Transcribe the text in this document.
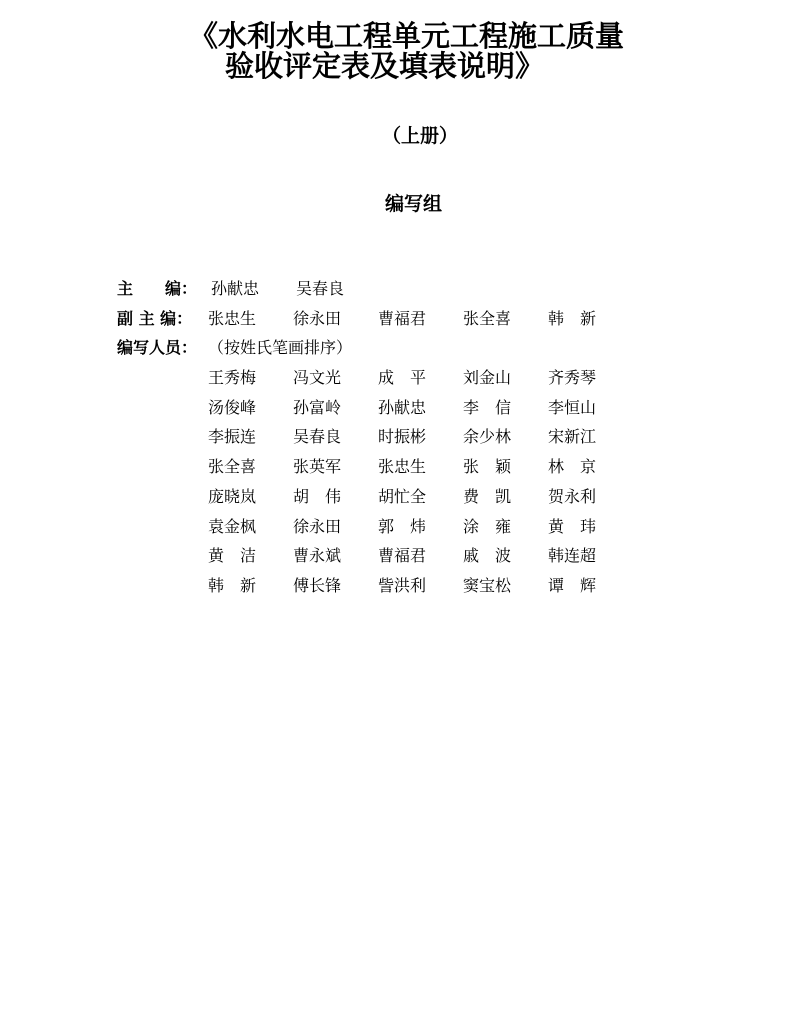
《水利水电工程单元工程施工质量
验收评定表及填表说明》
（上册）
编写组
主　　编： 孙献忠 吴春良
副 主 编： 张忠生 徐永田 曹福君 张全喜 韩　新
编写人员： （按姓氏笔画排序）
王秀梅 冯文光 成　平 刘金山 齐秀琴
汤俊峰 孙富岭 孙献忠 李　信 李恒山
李振连 吴春良 时振彬 余少林 宋新江
张全喜 张英军 张忠生 张　颖 林　京
庞晓岚 胡　伟 胡忙全 费　凯 贺永利
袁金枫 徐永田 郭　炜 涂　雍 黄　玮
黄　洁 曹永斌 曹福君 戚　波 韩连超
韩　新 傅长锋 訾洪利 窦宝松 谭　辉
